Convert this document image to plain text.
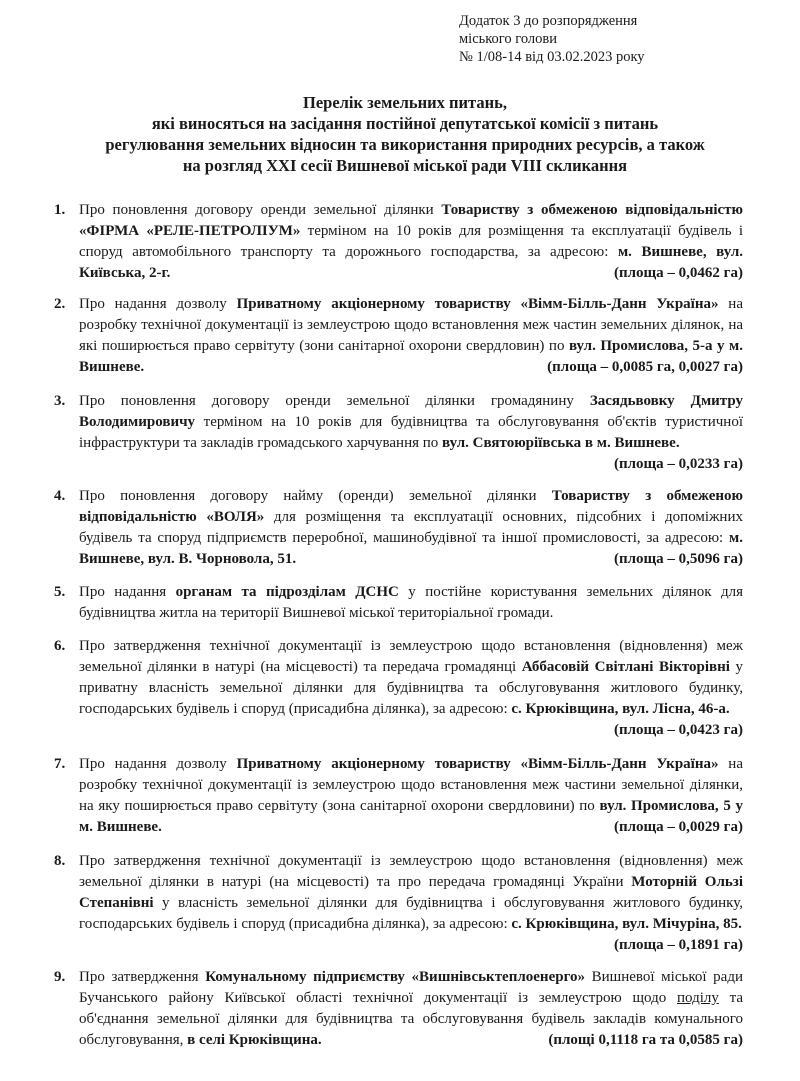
Додаток 3 до розпорядження
міського голови
№ 1/08-14 від 03.02.2023 року
Перелік земельних питань,
які виносяться на засідання постійної депутатської комісії з питань
регулювання земельних відносин та використання природних ресурсів, а також
на розгляд XXI сесії Вишневої міської ради VIII скликання
1. Про поновлення договору оренди земельної ділянки Товариству з обмеженою відповідальністю «ФІРМА «РЕЛЕ-ПЕТРОЛІУМ» терміном на 10 років для розміщення та експлуатації будівель і споруд автомобільного транспорту та дорожнього господарства, за адресою: м. Вишневе, вул. Київська, 2-г.	(площа – 0,0462 га)
2. Про надання дозволу Приватному акціонерному товариству «Вімм-Білль-Данн Україна» на розробку технічної документації із землеустрою щодо встановлення меж частин земельних ділянок, на які поширюється право сервітуту (зони санітарної охорони свердловин) по вул. Промислова, 5-а у м. Вишневе.	(площа – 0,0085 га, 0,0027 га)
3. Про поновлення договору оренди земельної ділянки громадянину Засядьвовку Дмитру Володимировичу терміном на 10 років для будівництва та обслуговування об'єктів туристичної інфраструктури та закладів громадського харчування по вул. Святоюріївська в м. Вишневе.
(площа – 0,0233 га)
4. Про поновлення договору найму (оренди) земельної ділянки Товариству з обмеженою відповідальністю «ВОЛЯ» для розміщення та експлуатації основних, підсобних і допоміжних будівель та споруд підприємств переробної, машинобудівної та іншої промисловості, за адресою: м. Вишневе, вул. В. Чорновола, 51.	(площа – 0,5096 га)
5. Про надання органам та підрозділам ДСНС у постійне користування земельних ділянок для будівництва житла на території Вишневої міської територіальної громади.
6. Про затвердження технічної документації із землеустрою щодо встановлення (відновлення) меж земельної ділянки в натурі (на місцевості) та передача громадянці Аббасовій Світлані Вікторівні у приватну власність земельної ділянки для будівництва та обслуговування житлового будинку, господарських будівель і споруд (присадибна ділянка), за адресою: с. Крюківщина, вул. Лісна, 46-а.
(площа – 0,0423 га)
7. Про надання дозволу Приватному акціонерному товариству «Вімм-Білль-Данн Україна» на розробку технічної документації із землеустрою щодо встановлення меж частини земельної ділянки, на яку поширюється право сервітуту (зона санітарної охорони свердловини) по вул. Промислова, 5 у м. Вишневе.	(площа – 0,0029 га)
8. Про затвердження технічної документації із землеустрою щодо встановлення (відновлення) меж земельної ділянки в натурі (на місцевості) та про передача громадянці України Моторній Ользі Степанівні у власність земельної ділянки для будівництва і обслуговування житлового будинку, господарських будівель і споруд (присадибна ділянка), за адресою: с. Крюківщина, вул. Мічуріна, 85.
(площа – 0,1891 га)
9. Про затвердження Комунальному підприємству «Вишнівськтеплоенерго» Вишневої міської ради Бучанського району Київської області технічної документації із землеустрою щодо поділу та об'єднання земельної ділянки для будівництва та обслуговування будівель закладів комунального обслуговування, в селі Крюківщина.	(площі 0,1118 га та 0,0585 га)
